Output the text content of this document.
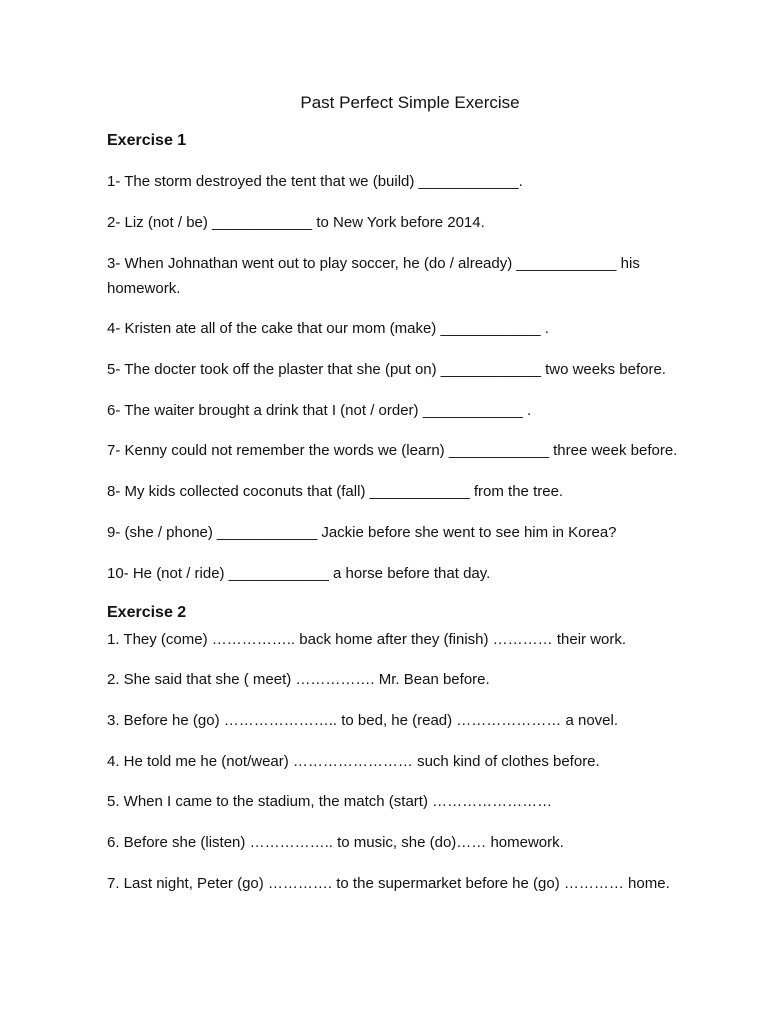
Past Perfect Simple Exercise
Exercise 1
1- The storm destroyed the tent that we (build) ____________.
2- Liz (not / be) ____________ to New York before 2014.
3- When Johnathan went out to play soccer, he (do / already) ____________ his homework.
4- Kristen ate all of the cake that our mom (make) ____________ .
5- The docter took off the plaster that she (put on) ____________ two weeks before.
6- The waiter brought a drink that I (not / order) ____________ .
7- Kenny could not remember the words we (learn) ____________ three week before.
8- My kids collected coconuts that (fall) ____________ from the tree.
9- (she / phone) ____________ Jackie before she went to see him in Korea?
10- He (not / ride) ____________ a horse before that day.
Exercise 2
1. They (come) …………….. back home after they (finish) ………… their work.
2. She said that she ( meet) ……………. Mr. Bean before.
3. Before he (go) ………………….. to bed, he (read) ………………… a novel.
4. He told me he (not/wear) …………………… such kind of clothes before.
5. When I came to the stadium, the match (start) ……………………
6. Before she (listen) …………….. to music, she (do)…… homework.
7. Last night, Peter (go) …………. to the supermarket before he (go) ………… home.
